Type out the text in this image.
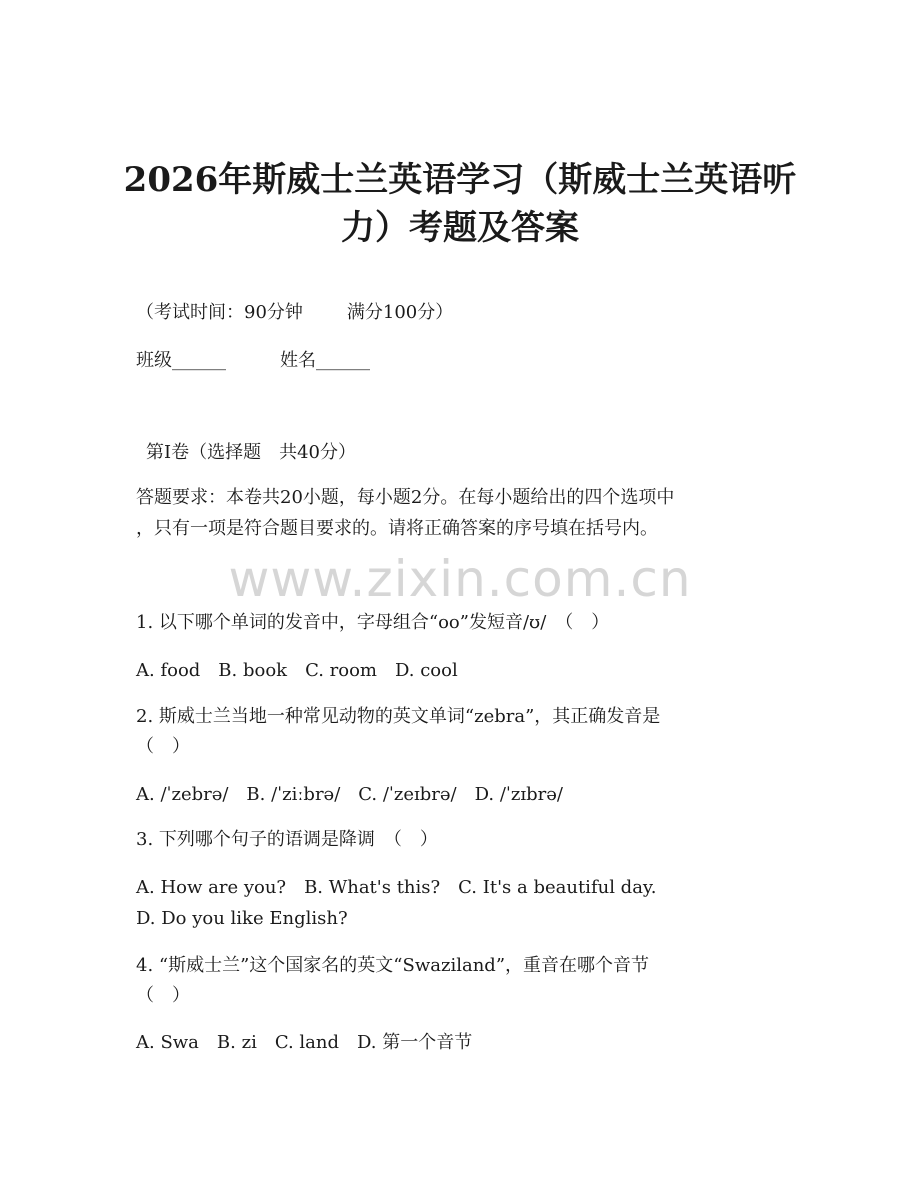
www.zixin.com.cn
2026年斯威士兰英语学习（斯威士兰英语听
力）考题及答案
（考试时间：90分钟 满分100分）
班级______	姓名______
第Ⅰ卷（选择题　共40分）
答题要求：本卷共20小题，每小题2分。在每小题给出的四个选项中
，只有一项是符合题目要求的。请将正确答案的序号填在括号内。
1. 以下哪个单词的发音中，字母组合“oo”发短音/ʊ/　（　）
A. food　B. book　C. room　D. cool
2. 斯威士兰当地一种常见动物的英文单词“zebra”，其正确发音是
（　）
A. /ˈzebrə/　B. /ˈziːbrə/　C. /ˈzeɪbrə/　D. /ˈzɪbrə/
3. 下列哪个句子的语调是降调　（　）
A. How are you?　B. What's this?　C. It's a beautiful day.
D. Do you like English?
4. “斯威士兰”这个国家名的英文“Swaziland”，重音在哪个音节
（　）
A. Swa　B. zi　C. land　D. 第一个音节
